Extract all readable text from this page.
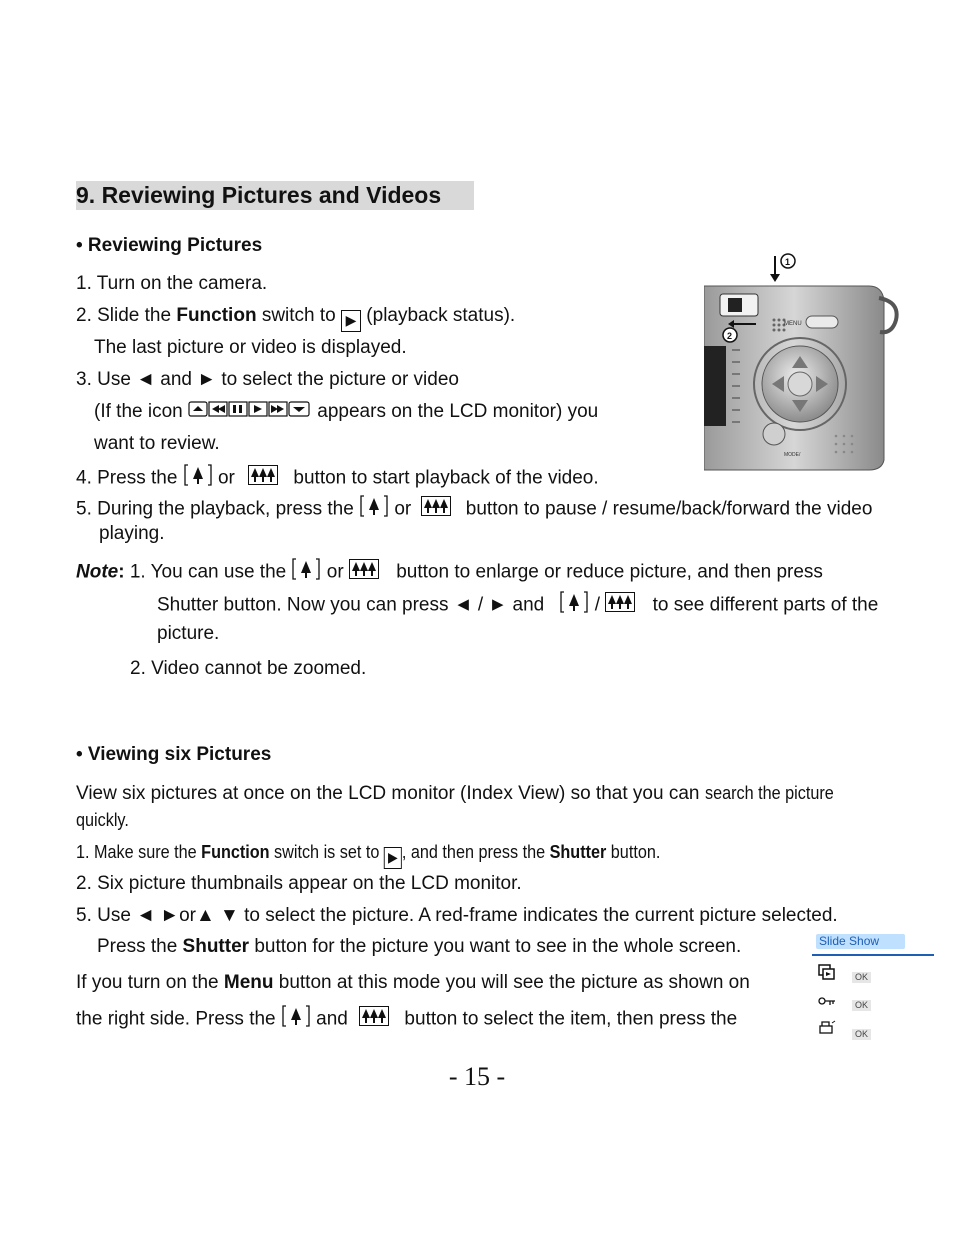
9. Reviewing Pictures and Videos
• Reviewing Pictures
1. Turn on the camera.
2. Slide the Function switch to ▶ (playback status).
The last picture or video is displayed.
3. Use ◄ and ► to select the picture or video
(If the icon	appears on the LCD monitor) you
want to review.
4. Press the  or	button to start playback of the video.
5. During the playback, press the  or  button to pause / resume/back/forward the video
playing.
Note: 1. You can use the  or  button to enlarge or reduce picture, and then press
Shutter button. Now you can press ◄ / ► and  /  to see different parts of the
picture.
2. Video cannot be zoomed.
MENU
MODE/
1
2
• Viewing six Pictures
View six pictures at once on the LCD monitor (Index View) so that you can search the picture
quickly.
1. Make sure the Function switch is set to ▶ , and then press the Shutter button.
2. Six picture thumbnails appear on the LCD monitor.
5. Use ◄ ►or▲ ▼ to select the picture. A red-frame indicates the current picture selected.
Press the Shutter button for the picture you want to see in the whole screen.
If you turn on the Menu button at this mode you will see the picture as shown on
the right side. Press the  and  button to select the item, then press the
Slide Show
OK
OK
OK
- 15 -
